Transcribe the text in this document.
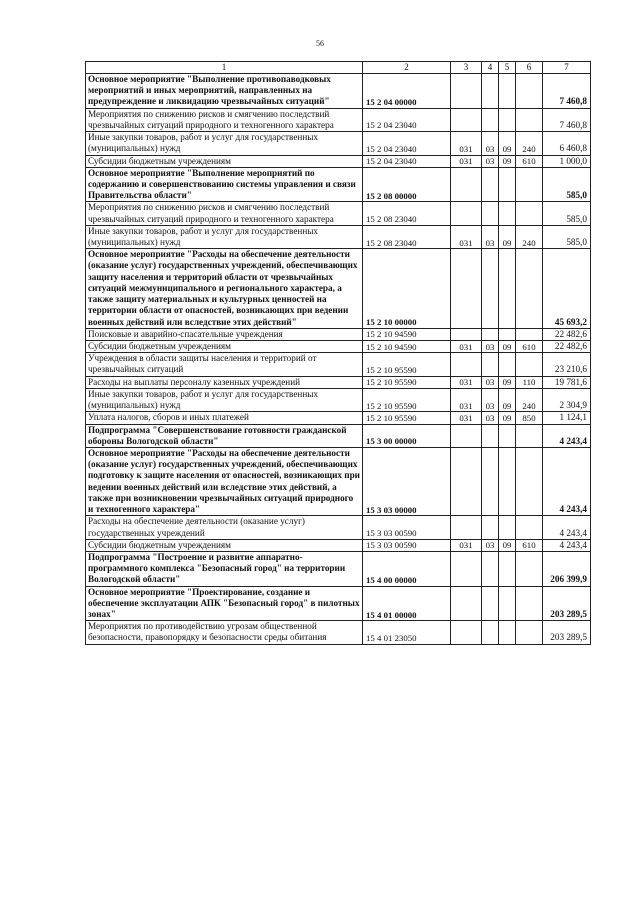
56
1	2	3	4	5	6	7
Основное мероприятие "Выполнение противопаводковых мероприятий и иных мероприятий, направленных на предупреждение и ликвидацию чрезвычайных ситуаций"	15 2 04 00000					7 460,8
Мероприятия по снижению рисков и смягчению последствий чрезвычайных ситуаций природного и техногенного характера	15 2 04 23040					7 460,8
Иные закупки товаров, работ и услуг для государственных (муниципальных) нужд	15 2 04 23040	031	03	09	240	6 460,8
Субсидии бюджетным учреждениям	15 2 04 23040	031	03	09	610	1 000,0
Основное мероприятие "Выполнение мероприятий по содержанию и совершенствованию системы управления и связи Правительства области"	15 2 08 00000					585,0
Мероприятия по снижению рисков и смягчению последствий чрезвычайных ситуаций природного и техногенного характера	15 2 08 23040					585,0
Иные закупки товаров, работ и услуг для государственных (муниципальных) нужд	15 2 08 23040	031	03	09	240	585,0
Основное мероприятие "Расходы на обеспечение деятельности (оказание услуг) государственных учреждений, обеспечивающих защиту населения и территорий области от чрезвычайных ситуаций межмуниципального и регионального характера, а также защиту материальных и культурных ценностей на территории области от опасностей, возникающих при ведении военных действий или вследствие этих действий"	15 2 10 00000					45 693,2
Поисковые и аварийно-спасательные учреждения	15 2 10 94590					22 482,6
Субсидии бюджетным учреждениям	15 2 10 94590	031	03	09	610	22 482,6
Учреждения в области защиты населения и территорий от чрезвычайных ситуаций	15 2 10 95590					23 210,6
Расходы на выплаты персоналу казенных учреждений	15 2 10 95590	031	03	09	110	19 781,6
Иные закупки товаров, работ и услуг для государственных (муниципальных) нужд	15 2 10 95590	031	03	09	240	2 304,9
Уплата налогов, сборов и иных платежей	15 2 10 95590	031	03	09	850	1 124,1
Подпрограмма "Совершенствование готовности гражданской обороны Вологодской области"	15 3 00 00000					4 243,4
Основное мероприятие "Расходы на обеспечение деятельности (оказание услуг) государственных учреждений, обеспечивающих подготовку к защите населения от опасностей, возникающих при ведении военных действий или вследствие этих действий, а также при возникновении чрезвычайных ситуаций природного и техногенного характера"	15 3 03 00000					4 243,4
Расходы на обеспечение деятельности (оказание услуг) государственных учреждений	15 3 03 00590					4 243,4
Субсидии бюджетным учреждениям	15 3 03 00590	031	03	09	610	4 243,4
Подпрограмма "Построение и развитие аппаратно-программного комплекса "Безопасный город" на территории Вологодской области"	15 4 00 00000					206 399,9
Основное мероприятие "Проектирование, создание и обеспечение эксплуатации АПК "Безопасный город" в пилотных зонах"	15 4 01 00000					203 289,5
Мероприятия по противодействию угрозам общественной безопасности, правопорядку и безопасности среды обитания	15 4 01 23050					203 289,5
